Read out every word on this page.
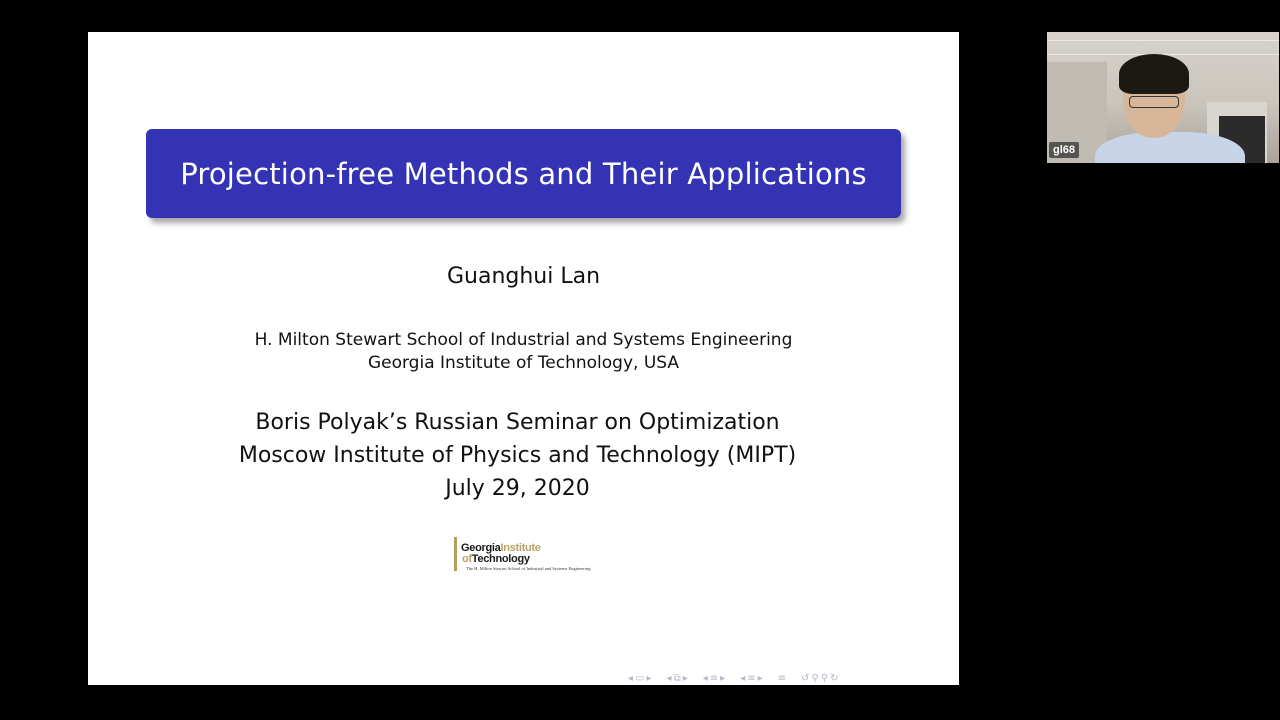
Projection-free Methods and Their Applications
Guanghui Lan
H. Milton Stewart School of Industrial and Systems Engineering
Georgia Institute of Technology, USA
Boris Polyak’s Russian Seminar on Optimization
Moscow Institute of Physics and Technology (MIPT)
July 29, 2020
GeorgiaInstitute
ofTechnology
The H. Milton Stewart School of Industrial and Systems Engineering
◂ ▭ ▸ ◂ ⧉ ▸ ◂ ≡ ▸ ◂ ≡ ▸ ≡ ↺ ⚲ ⚲ ↻
gl68
